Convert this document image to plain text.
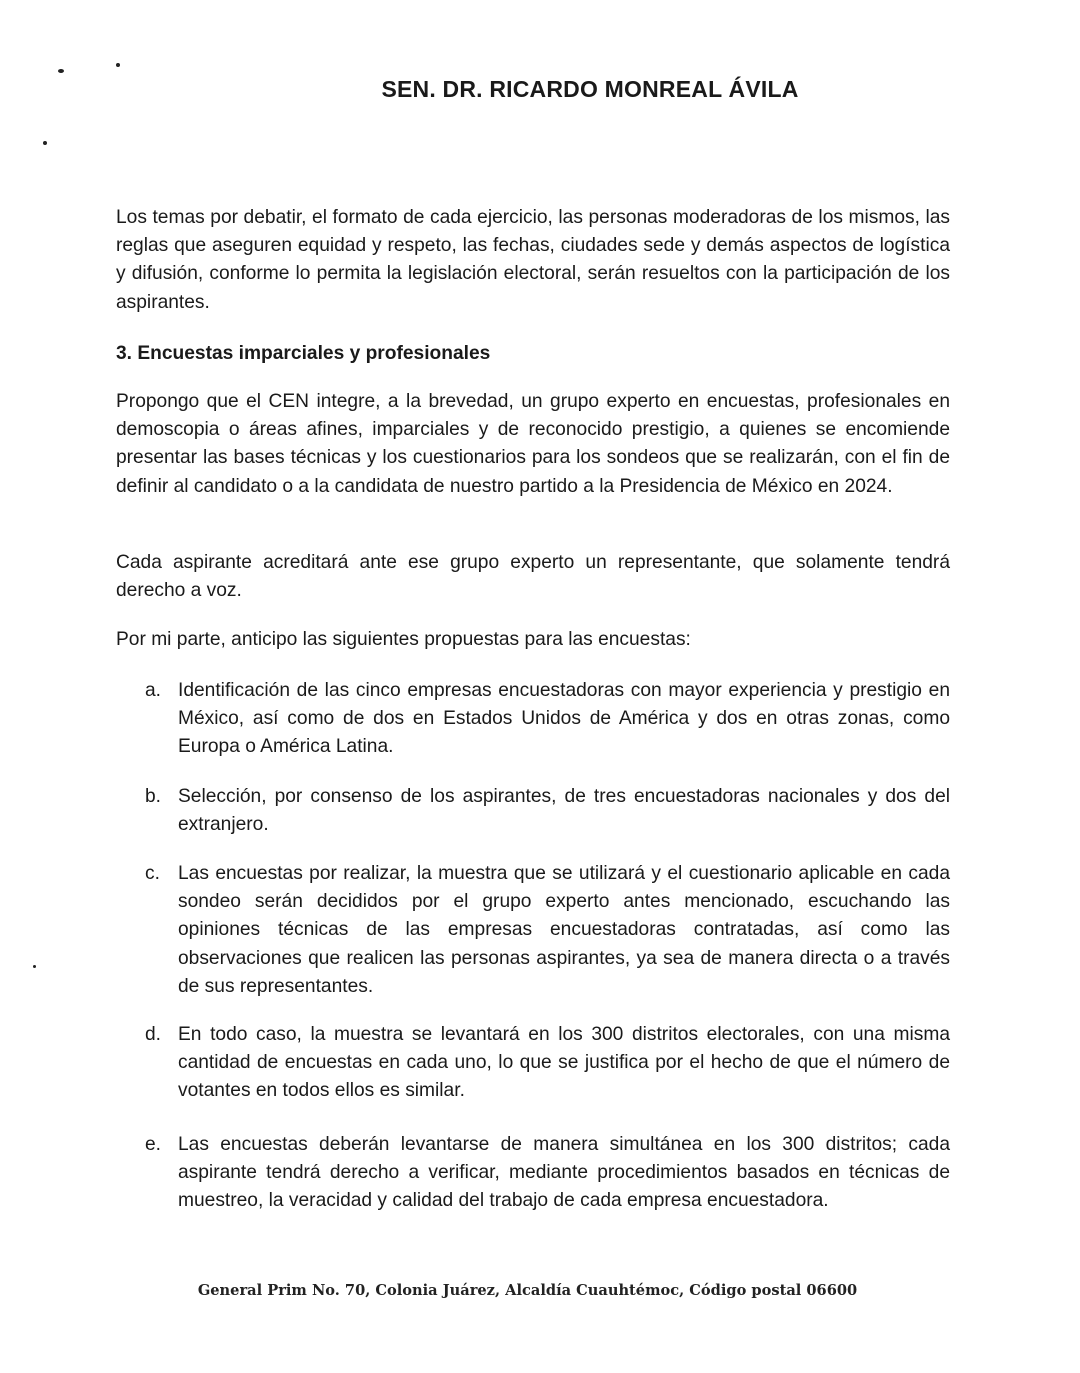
SEN. DR. RICARDO MONREAL ÁVILA

Los temas por debatir, el formato de cada ejercicio, las personas moderadoras de los mismos, las reglas que aseguren equidad y respeto, las fechas, ciudades sede y demás aspectos de logística y difusión, conforme lo permita la legislación electoral, serán resueltos con la participación de los aspirantes.

3. Encuestas imparciales y profesionales

Propongo que el CEN integre, a la brevedad, un grupo experto en encuestas, profesionales en demoscopia o áreas afines, imparciales y de reconocido prestigio, a quienes se encomiende presentar las bases técnicas y los cuestionarios para los sondeos que se realizarán, con el fin de definir al candidato o a la candidata de nuestro partido a la Presidencia de México en 2024.

Cada aspirante acreditará ante ese grupo experto un representante, que solamente tendrá derecho a voz.

Por mi parte, anticipo las siguientes propuestas para las encuestas:

a. Identificación de las cinco empresas encuestadoras con mayor experiencia y prestigio en México, así como de dos en Estados Unidos de América y dos en otras zonas, como Europa o América Latina.
b. Selección, por consenso de los aspirantes, de tres encuestadoras nacionales y dos del extranjero.
c. Las encuestas por realizar, la muestra que se utilizará y el cuestionario aplicable en cada sondeo serán decididos por el grupo experto antes mencionado, escuchando las opiniones técnicas de las empresas encuestadoras contratadas, así como las observaciones que realicen las personas aspirantes, ya sea de manera directa o a través de sus representantes.
d. En todo caso, la muestra se levantará en los 300 distritos electorales, con una misma cantidad de encuestas en cada uno, lo que se justifica por el hecho de que el número de votantes en todos ellos es similar.
e. Las encuestas deberán levantarse de manera simultánea en los 300 distritos; cada aspirante tendrá derecho a verificar, mediante procedimientos basados en técnicas de muestreo, la veracidad y calidad del trabajo de cada empresa encuestadora.
General Prim No. 70, Colonia Juárez, Alcaldía Cuauhtémoc, Código postal 06600
